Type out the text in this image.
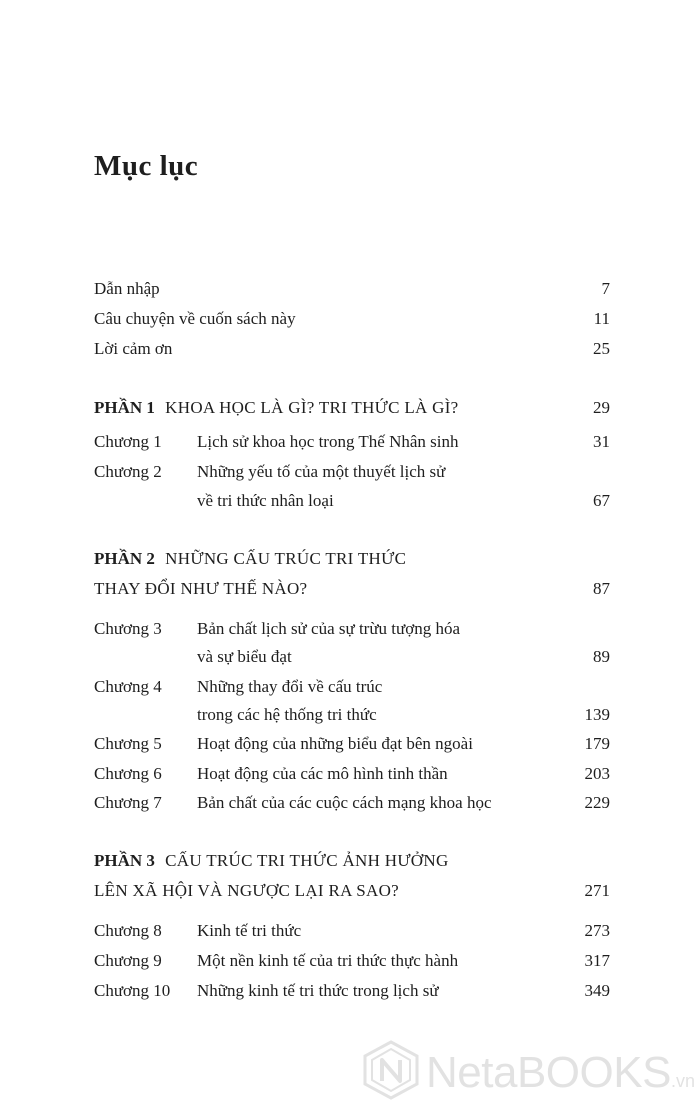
Mục lục
Dẫn nhập	7
Câu chuyện về cuốn sách này	11
Lời cảm ơn	25
PHẦN 1 KHOA HỌC LÀ GÌ? TRI THỨC LÀ GÌ?	29
Chương 1 Lịch sử khoa học trong Thế Nhân sinh	31
Chương 2 Những yếu tố của một thuyết lịch sử
về tri thức nhân loại	67
PHẦN 2 NHỮNG CẤU TRÚC TRI THỨC
THAY ĐỔI NHƯ THẾ NÀO?	87
Chương 3 Bản chất lịch sử của sự trừu tượng hóa
và sự biểu đạt	89
Chương 4 Những thay đổi về cấu trúc
trong các hệ thống tri thức	139
Chương 5 Hoạt động của những biểu đạt bên ngoài	179
Chương 6 Hoạt động của các mô hình tinh thần	203
Chương 7 Bản chất của các cuộc cách mạng khoa học	229
PHẦN 3 CẤU TRÚC TRI THỨC ẢNH HƯỞNG
LÊN XÃ HỘI VÀ NGƯỢC LẠI RA SAO?	271
Chương 8 Kinh tế tri thức	273
Chương 9 Một nền kinh tế của tri thức thực hành	317
Chương 10 Những kinh tế tri thức trong lịch sử	349
NetaBOOKS.vn
